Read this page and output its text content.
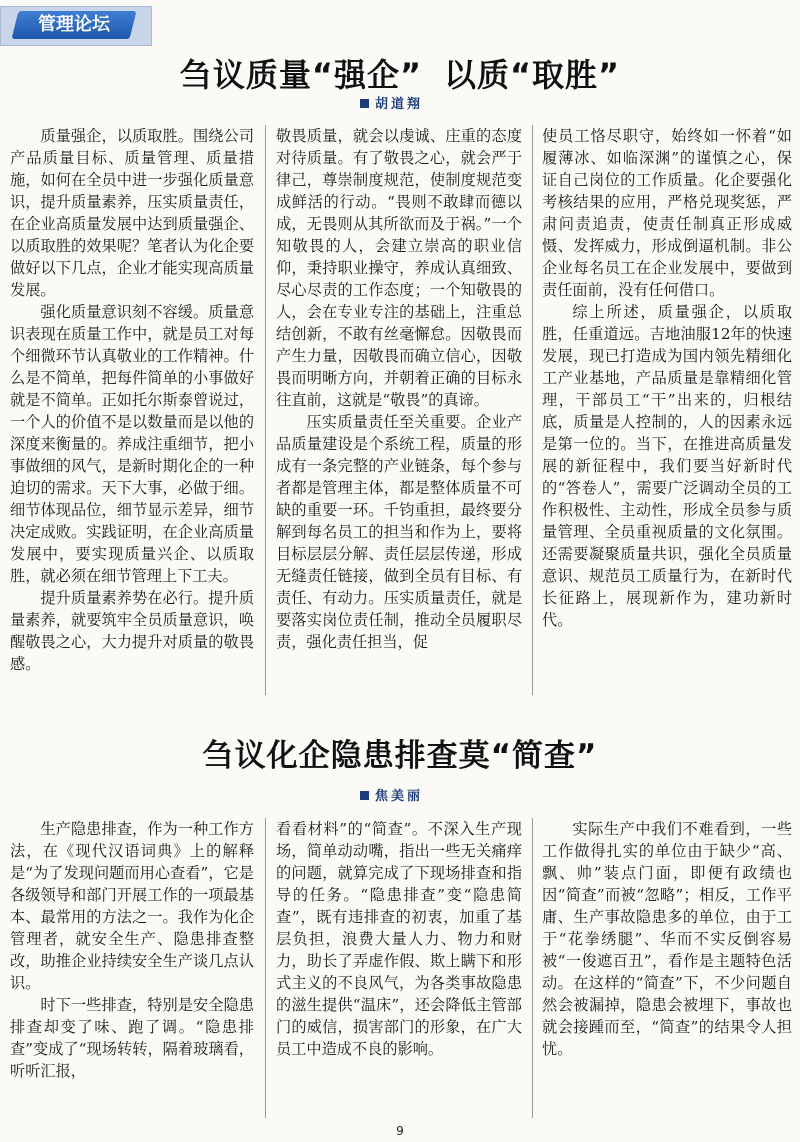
管理论坛
刍议质量“强企” 以质“取胜”
胡道翔

质量强企，以质取胜。围绕公司产品质量目标、质量管理、质量措施，如何在全员中进一步强化质量意识，提升质量素养，压实质量责任，在企业高质量发展中达到质量强企、以质取胜的效果呢？笔者认为化企要做好以下几点，企业才能实现高质量发展。

强化质量意识刻不容缓。质量意识表现在质量工作中，就是员工对每个细微环节认真敬业的工作精神。什么是不简单，把每件简单的小事做好就是不简单。正如托尔斯泰曾说过，一个人的价值不是以数量而是以他的深度来衡量的。养成注重细节，把小事做细的风气，是新时期化企的一种迫切的需求。天下大事，必做于细。细节体现品位，细节显示差异，细节决定成败。实践证明，在企业高质量发展中，要实现质量兴企、以质取胜，就必须在细节管理上下工夫。

提升质量素养势在必行。提升质量素养，就要筑牢全员质量意识，唤醒敬畏之心，大力提升对质量的敬畏感。

敬畏质量，就会以虔诚、庄重的态度对待质量。有了敬畏之心，就会严于律己，尊崇制度规范，使制度规范变成鲜活的行动。“畏则不敢肆而德以成，无畏则从其所欲而及于祸。”一个知敬畏的人，会建立崇高的职业信仰，秉持职业操守，养成认真细致、尽心尽责的工作态度；一个知敬畏的人，会在专业专注的基础上，注重总结创新，不敢有丝毫懈怠。因敬畏而产生力量，因敬畏而确立信心，因敬畏而明晰方向，并朝着正确的目标永往直前，这就是“敬畏”的真谛。

压实质量责任至关重要。企业产品质量建设是个系统工程，质量的形成有一条完整的产业链条，每个参与者都是管理主体，都是整体质量不可缺的重要一环。千钧重担，最终要分解到每名员工的担当和作为上，要将目标层层分解、责任层层传递，形成无缝责任链接，做到全员有目标、有责任、有动力。压实质量责任，就是要落实岗位责任制，推动全员履职尽责，强化责任担当，促

使员工恪尽职守，始终如一怀着“如履薄冰、如临深渊”的谨慎之心，保证自己岗位的工作质量。化企要强化考核结果的应用，严格兑现奖惩，严肃问责追责，使责任制真正形成威慑、发挥威力，形成倒逼机制。非公企业每名员工在企业发展中，要做到责任面前，没有任何借口。

综上所述，质量强企，以质取胜，任重道远。吉地油服12年的快速发展，现已打造成为国内领先精细化工产业基地，产品质量是靠精细化管理，干部员工“干”出来的，归根结底，质量是人控制的，人的因素永远是第一位的。当下，在推进高质量发展的新征程中，我们要当好新时代的“答卷人”，需要广泛调动全员的工作积极性、主动性，形成全员参与质量管理、全员重视质量的文化氛围。还需要凝聚质量共识，强化全员质量意识、规范员工质量行为，在新时代长征路上，展现新作为，建功新时代。

刍议化企隐患排查莫“简查”
焦美丽

生产隐患排查，作为一种工作方法，在《现代汉语词典》上的解释是“为了发现问题而用心查看”，它是各级领导和部门开展工作的一项最基本、最常用的方法之一。我作为化企管理者，就安全生产、隐患排查整改，助推企业持续安全生产谈几点认识。

时下一些排查，特别是安全隐患排查却变了味、跑了调。“隐患排查”变成了“现场转转，隔着玻璃看，听听汇报，

看看材料”的“简查”。不深入生产现场，简单动动嘴，指出一些无关痛痒的问题，就算完成了下现场排查和指导的任务。“隐患排查”变“隐患简查”，既有违排查的初衷，加重了基层负担，浪费大量人力、物力和财力，助长了弄虚作假、欺上瞒下和形式主义的不良风气，为各类事故隐患的滋生提供“温床”，还会降低主管部门的威信，损害部门的形象，在广大员工中造成不良的影响。

实际生产中我们不难看到，一些工作做得扎实的单位由于缺少“高、飘、帅”装点门面，即便有政绩也因“简查”而被“忽略”；相反，工作平庸、生产事故隐患多的单位，由于工于“花拳绣腿”、华而不实反倒容易被“一俊遮百丑”，看作是主题特色活动。在这样的“简查”下，不少问题自然会被漏掉，隐患会被埋下，事故也就会接踵而至，“简查”的结果令人担忧。

9
